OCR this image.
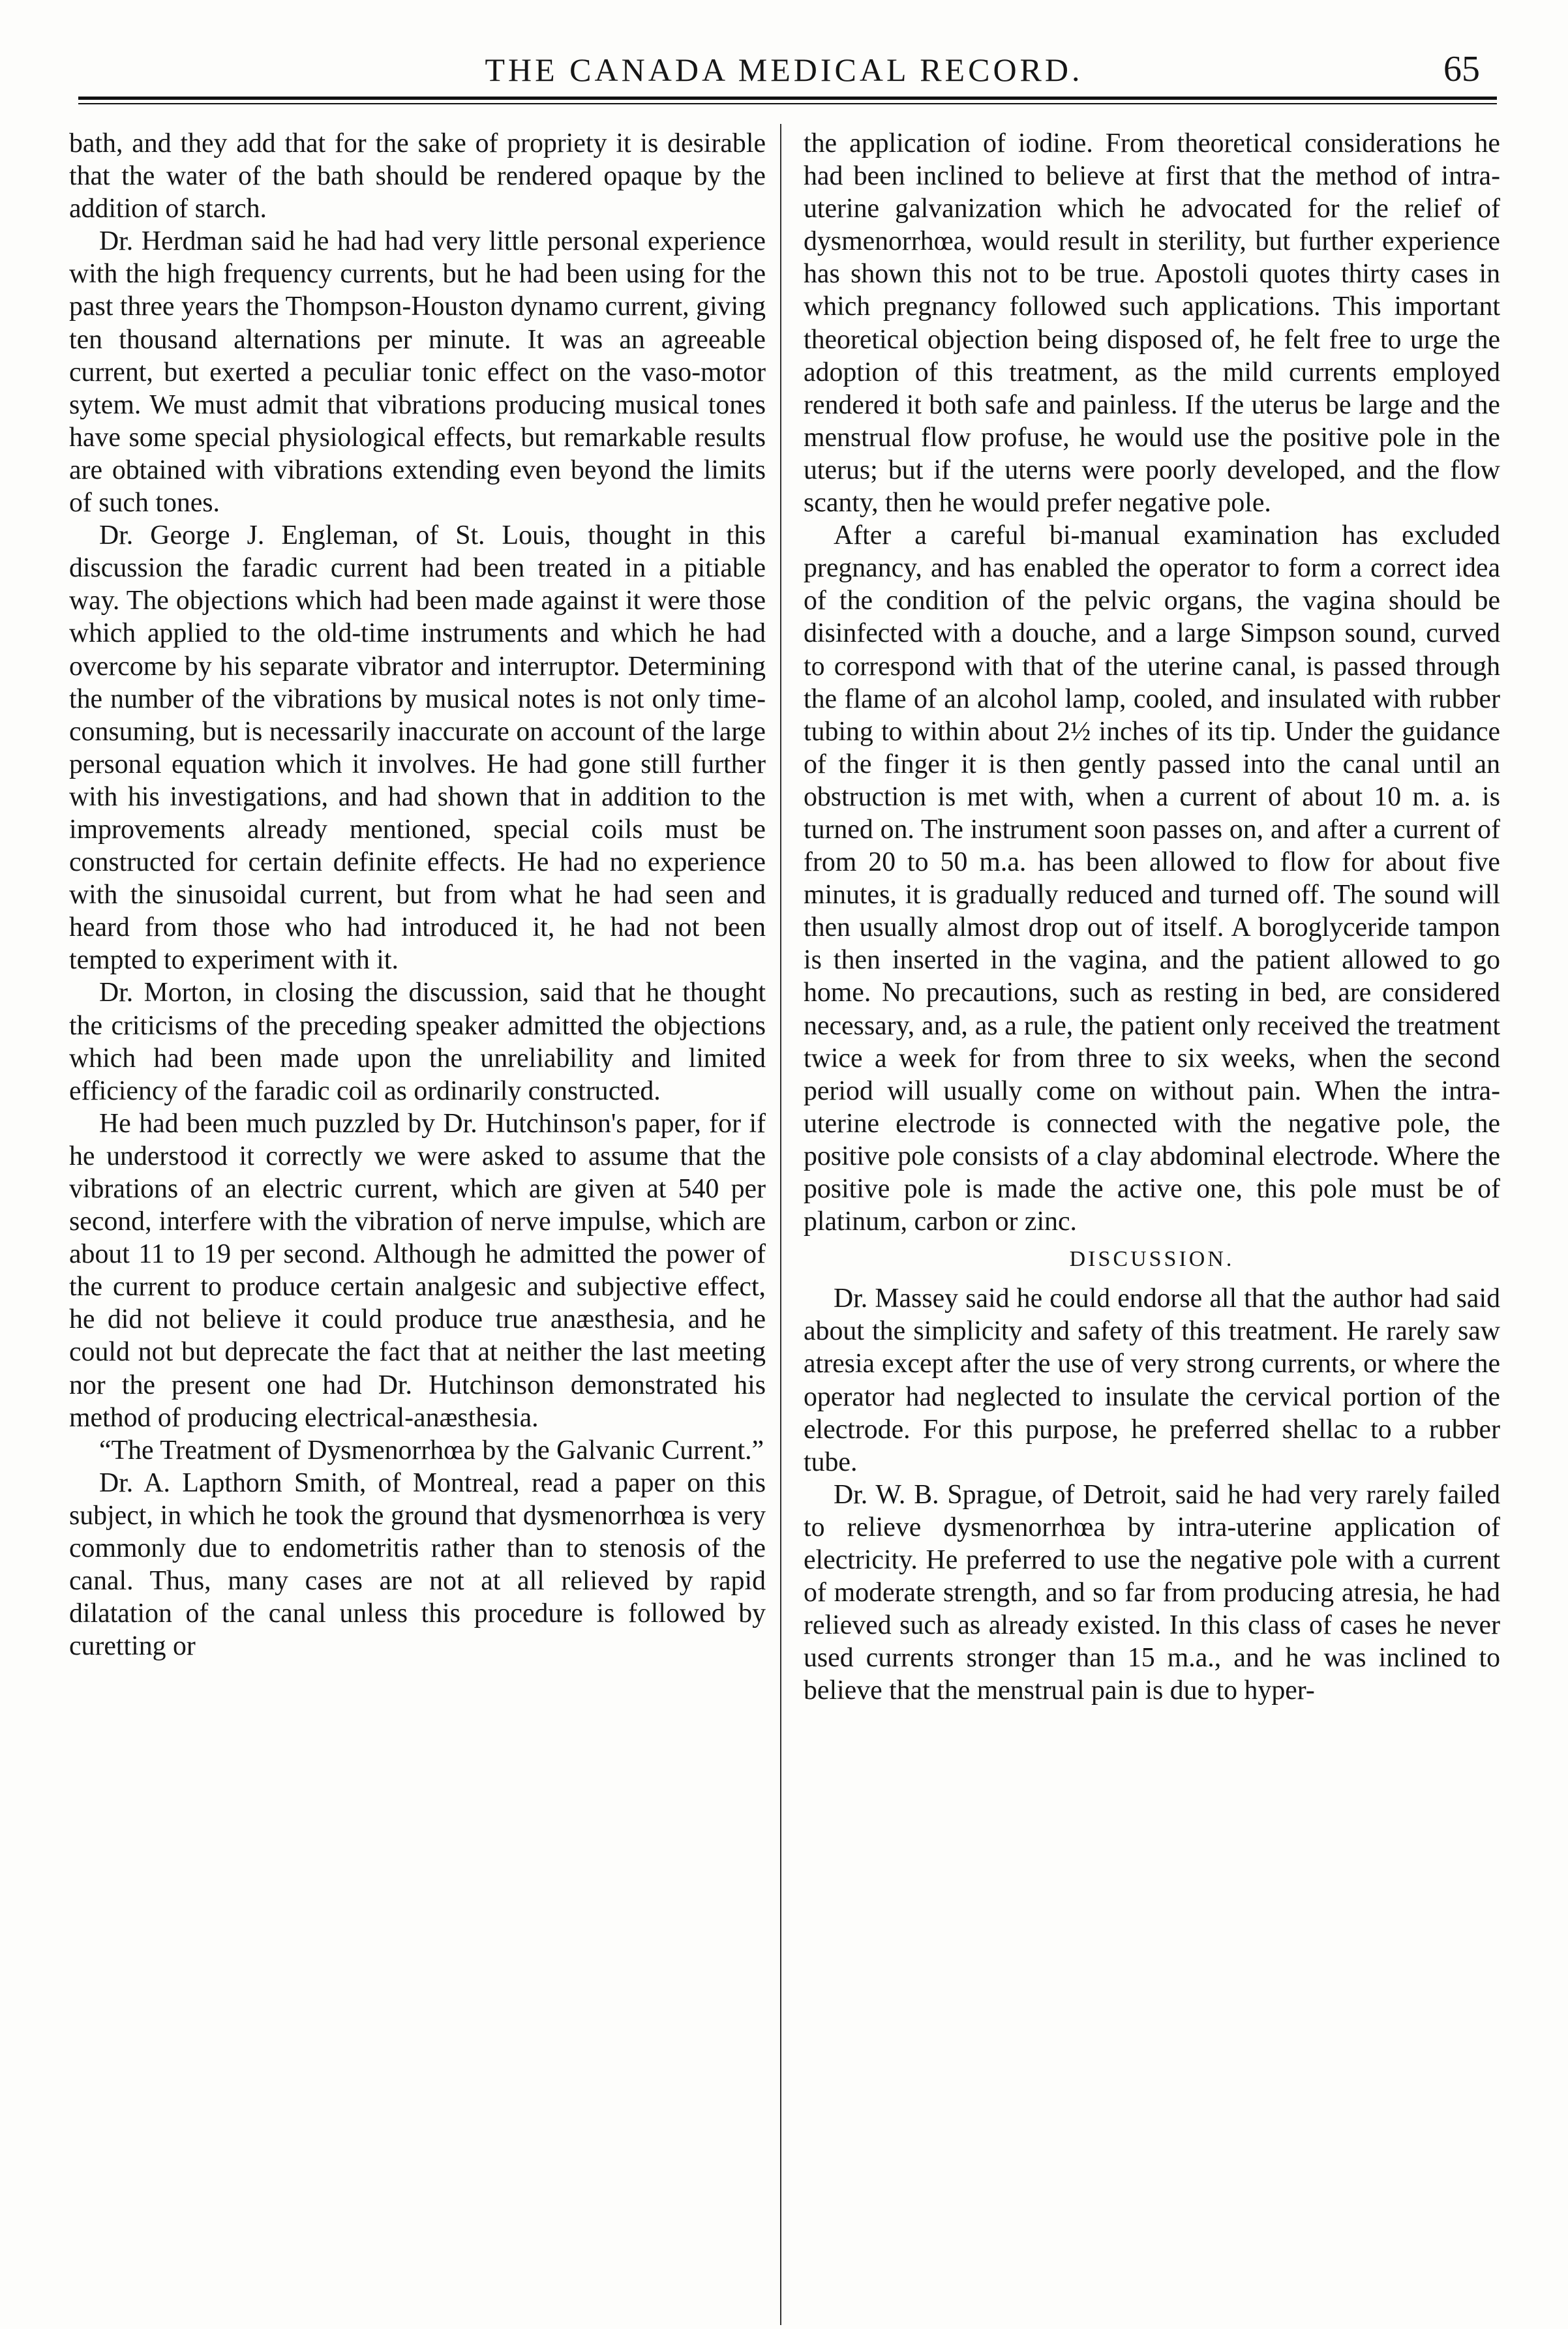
THE CANADA MEDICAL RECORD.	65

bath, and they add that for the sake of propriety it is desirable that the water of the bath should be rendered opaque by the addition of starch.

Dr. Herdman said he had had very little personal experience with the high frequency currents, but he had been using for the past three years the Thompson-Houston dynamo current, giving ten thousand alternations per minute. It was an agreeable current, but exerted a peculiar tonic effect on the vaso-motor sytem. We must admit that vibrations producing musical tones have some special physiological effects, but remarkable results are obtained with vibrations extending even beyond the limits of such tones.

Dr. George J. Engleman, of St. Louis, thought in this discussion the faradic current had been treated in a pitiable way. The objections which had been made against it were those which applied to the old-time instruments and which he had overcome by his separate vibrator and interruptor. Determining the number of the vibrations by musical notes is not only time-consuming, but is necessarily inaccurate on account of the large personal equation which it involves. He had gone still further with his investigations, and had shown that in addition to the improvements already mentioned, special coils must be constructed for certain definite effects. He had no experience with the sinusoidal current, but from what he had seen and heard from those who had introduced it, he had not been tempted to experiment with it.

Dr. Morton, in closing the discussion, said that he thought the criticisms of the preceding speaker admitted the objections which had been made upon the unreliability and limited efficiency of the faradic coil as ordinarily constructed.

He had been much puzzled by Dr. Hutchinson's paper, for if he understood it correctly we were asked to assume that the vibrations of an electric current, which are given at 540 per second, interfere with the vibration of nerve impulse, which are about 11 to 19 per second. Although he admitted the power of the current to produce certain analgesic and subjective effect, he did not believe it could produce true anæsthesia, and he could not but deprecate the fact that at neither the last meeting nor the present one had Dr. Hutchinson demonstrated his method of producing electrical-anæsthesia.

“The Treatment of Dysmenorrhœa by the Galvanic Current.”

Dr. A. Lapthorn Smith, of Montreal, read a paper on this subject, in which he took the ground that dysmenorrhœa is very commonly due to endometritis rather than to stenosis of the canal. Thus, many cases are not at all relieved by rapid dilatation of the canal unless this procedure is followed by curetting or

the application of iodine. From theoretical considerations he had been inclined to believe at first that the method of intra-uterine galvanization which he advocated for the relief of dysmenorrhœa, would result in sterility, but further experience has shown this not to be true. Apostoli quotes thirty cases in which pregnancy followed such applications. This important theoretical objection being disposed of, he felt free to urge the adoption of this treatment, as the mild currents employed rendered it both safe and painless. If the uterus be large and the menstrual flow profuse, he would use the positive pole in the uterus; but if the uterns were poorly developed, and the flow scanty, then he would prefer negative pole.

After a careful bi-manual examination has excluded pregnancy, and has enabled the operator to form a correct idea of the condition of the pelvic organs, the vagina should be disinfected with a douche, and a large Simpson sound, curved to correspond with that of the uterine canal, is passed through the flame of an alcohol lamp, cooled, and insulated with rubber tubing to within about 2½ inches of its tip. Under the guidance of the finger it is then gently passed into the canal until an obstruction is met with, when a current of about 10 m. a. is turned on. The instrument soon passes on, and after a current of from 20 to 50 m.a. has been allowed to flow for about five minutes, it is gradually reduced and turned off. The sound will then usually almost drop out of itself. A boroglyceride tampon is then inserted in the vagina, and the patient allowed to go home. No precautions, such as resting in bed, are considered necessary, and, as a rule, the patient only received the treatment twice a week for from three to six weeks, when the second period will usually come on without pain. When the intra-uterine electrode is connected with the negative pole, the positive pole consists of a clay abdominal electrode. Where the positive pole is made the active one, this pole must be of platinum, carbon or zinc.

DISCUSSION.

Dr. Massey said he could endorse all that the author had said about the simplicity and safety of this treatment. He rarely saw atresia except after the use of very strong currents, or where the operator had neglected to insulate the cervical portion of the electrode. For this purpose, he preferred shellac to a rubber tube.

Dr. W. B. Sprague, of Detroit, said he had very rarely failed to relieve dysmenorrhœa by intra-uterine application of electricity. He preferred to use the negative pole with a current of moderate strength, and so far from producing atresia, he had relieved such as already existed. In this class of cases he never used currents stronger than 15 m.a., and he was inclined to believe that the menstrual pain is due to hyper-
